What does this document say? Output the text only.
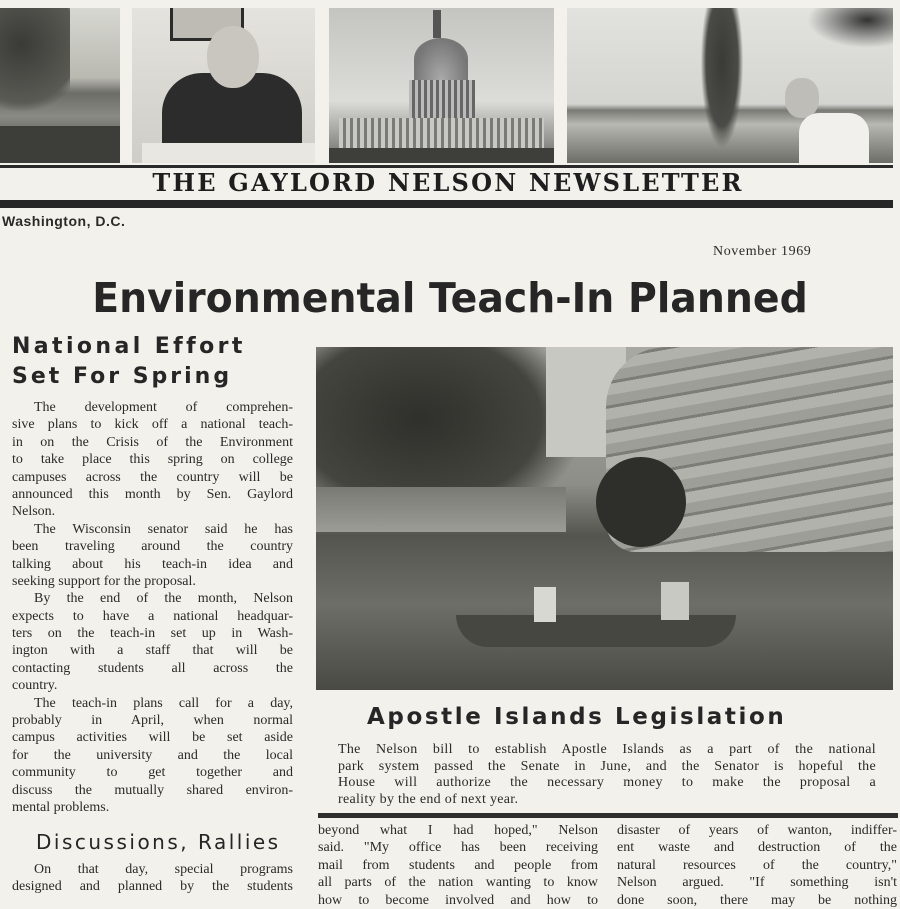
THE GAYLORD NELSON NEWSLETTER
Washington, D.C.
November 1969
Environmental Teach-In Planned
National Effort
Set For Spring
The development of comprehen-
sive plans to kick off a national teach-
in on the Crisis of the Environment
to take place this spring on college
campuses across the country will be
announced this month by Sen. Gaylord
Nelson.
The Wisconsin senator said he has
been traveling around the country
talking about his teach-in idea and
seeking support for the proposal.
By the end of the month, Nelson
expects to have a national headquar-
ters on the teach-in set up in Wash-
ington with a staff that will be
contacting students all across the
country.
The teach-in plans call for a day,
probably in April, when normal
campus activities will be set aside
for the university and the local
community to get together and
discuss the mutually shared environ-
mental problems.
Discussions, Rallies
On that day, special programs
designed and planned by the students
Apostle Islands Legislation
The Nelson bill to establish Apostle Islands as a part of the national
park system passed the Senate in June, and the Senator is hopeful the
House will authorize the necessary money to make the proposal a
reality by the end of next year.
beyond what I had hoped," Nelson
said. "My office has been receiving
mail from students and people from
all parts of the nation wanting to know
how to become involved and how to
disaster of years of wanton, indiffer-
ent waste and destruction of the
natural resources of the country,"
Nelson argued. "If something isn't
done soon, there may be nothing
